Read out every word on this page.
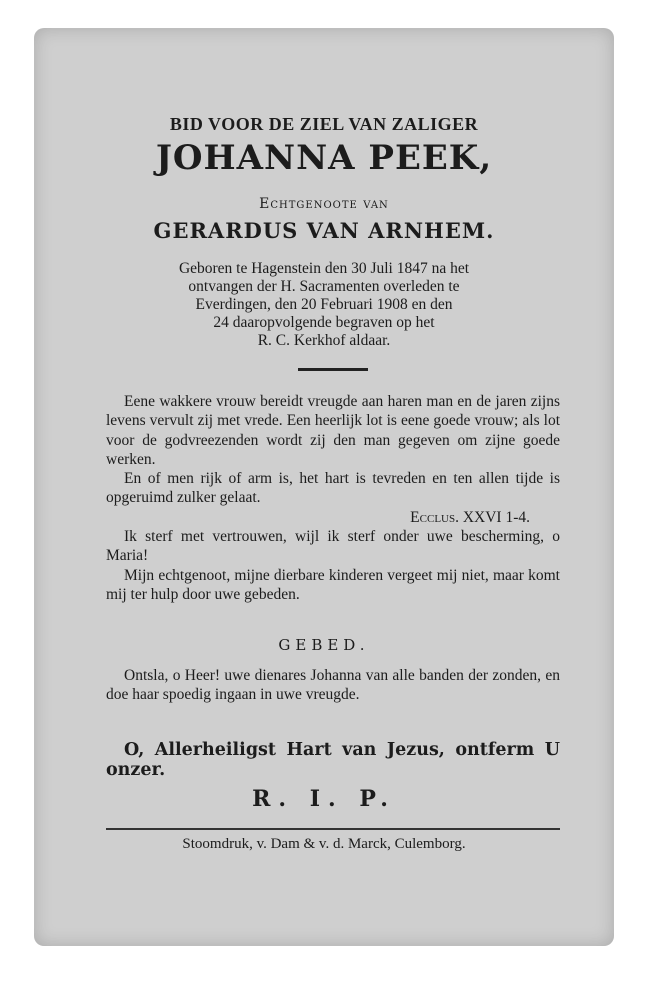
BID VOOR DE ZIEL VAN ZALIGER
JOHANNA PEEK,
Echtgenoote van
GERARDUS VAN ARNHEM.
Geboren te Hagenstein den 30 Juli 1847 na het
ontvangen der H. Sacramenten overleden te
Everdingen, den 20 Februari 1908 en den
24 daaropvolgende begraven op het
R. C. Kerkhof aldaar.

Eene wakkere vrouw bereidt vreugde aan haren man en de jaren zijns levens vervult zij met vrede. Een heerlijk lot is eene goede vrouw; als lot voor de godvreezenden wordt zij den man gegeven om zijne goede werken.

En of men rijk of arm is, het hart is tevreden en ten allen tijde is opgeruimd zulker gelaat.

Ecclus. XXVI 1-4.

Ik sterf met vertrouwen, wijl ik sterf onder uwe bescherming, o Maria!

Mijn echtgenoot, mijne dierbare kinderen vergeet mij niet, maar komt mij ter hulp door uwe gebeden.

GEBED.

Ontsla, o Heer! uwe dienares Johanna van alle banden der zonden, en doe haar spoedig ingaan in uwe vreugde.

O, Allerheiligst Hart van Jezus, ontferm U onzer.
R. I. P.
Stoomdruk, v. Dam & v. d. Marck, Culemborg.
